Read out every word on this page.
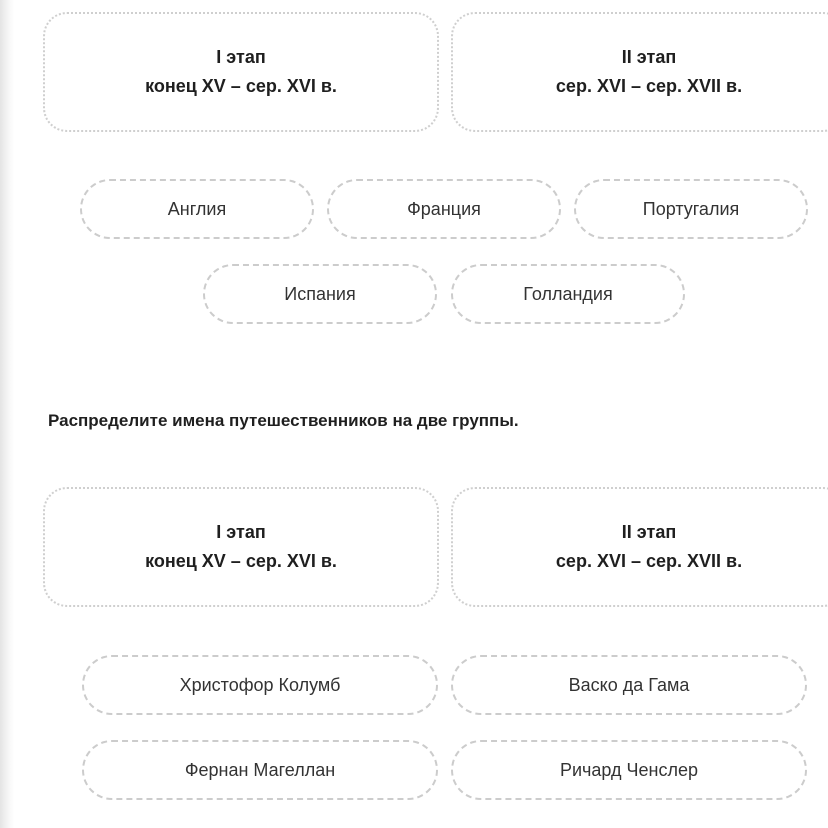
I этап
конец XV – сер. XVI в.
II этап
сер. XVI – сер. XVII в.
Англия	Франция	Португалия
Испания	Голландия

Распределите имена путешественников на две группы.

I этап
конец XV – сер. XVI в.
II этап
сер. XVI – сер. XVII в.
Христофор Колумб	Васко да Гама
Фернан Магеллан	Ричард Ченслер
